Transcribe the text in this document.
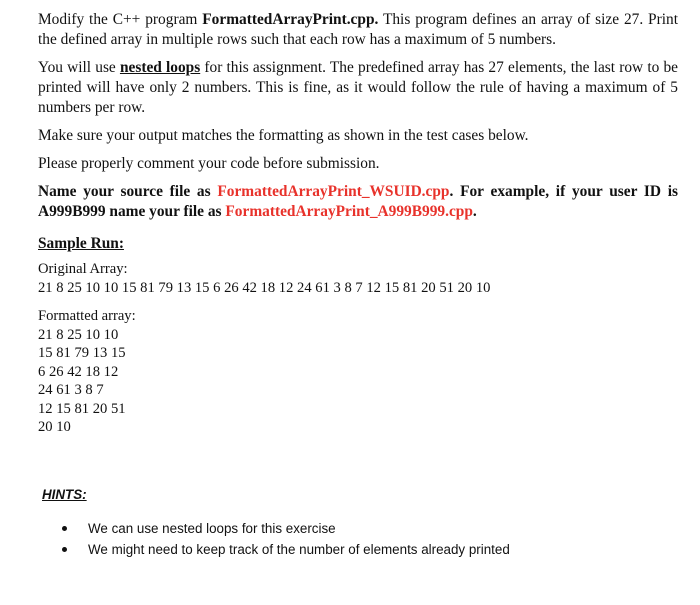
Modify the C++ program FormattedArrayPrint.cpp. This program defines an array of size 27. Print the defined array in multiple rows such that each row has a maximum of 5 numbers.

You will use nested loops for this assignment. The predefined array has 27 elements, the last row to be printed will have only 2 numbers. This is fine, as it would follow the rule of having a maximum of 5 numbers per row.

Make sure your output matches the formatting as shown in the test cases below.

Please properly comment your code before submission.

Name your source file as FormattedArrayPrint_WSUID.cpp. For example, if your user ID is A999B999 name your file as FormattedArrayPrint_A999B999.cpp.

Sample Run:
Original Array:
21 8 25 10 10 15 81 79 13 15 6 26 42 18 12 24 61 3 8 7 12 15 81 20 51 20 10
Formatted array:
21 8 25 10 10
15 81 79 13 15
6 26 42 18 12
24 61 3 8 7
12 15 81 20 51
20 10
HINTS:
We can use nested loops for this exercise
We might need to keep track of the number of elements already printed
